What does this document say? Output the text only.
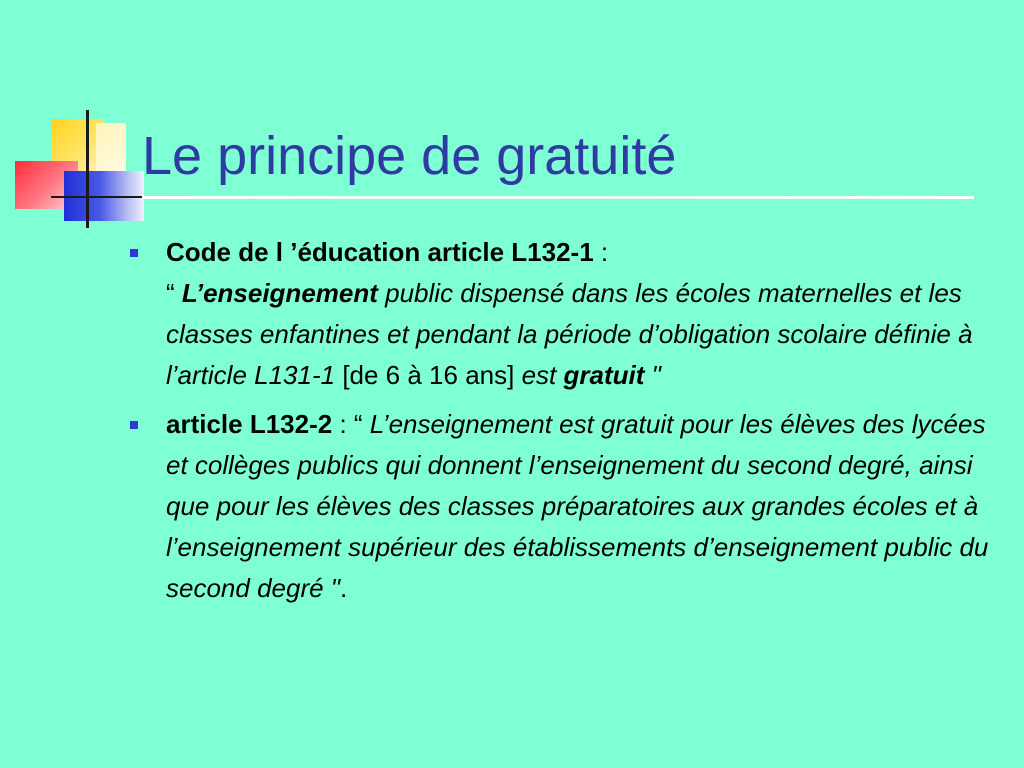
Le principe de gratuité
Code de l ’éducation article L132-1 :
“ L’enseignement public dispensé dans les écoles maternelles et les classes enfantines et pendant la période d’obligation scolaire définie à l’article L131-1 [de 6 à 16 ans] est gratuit "
article L132-2 : “ L’enseignement est gratuit pour les élèves des lycées et collèges publics qui donnent l’enseignement du second degré, ainsi que pour les élèves des classes préparatoires aux grandes écoles et à l’enseignement supérieur des établissements d’enseignement public du second degré ".
